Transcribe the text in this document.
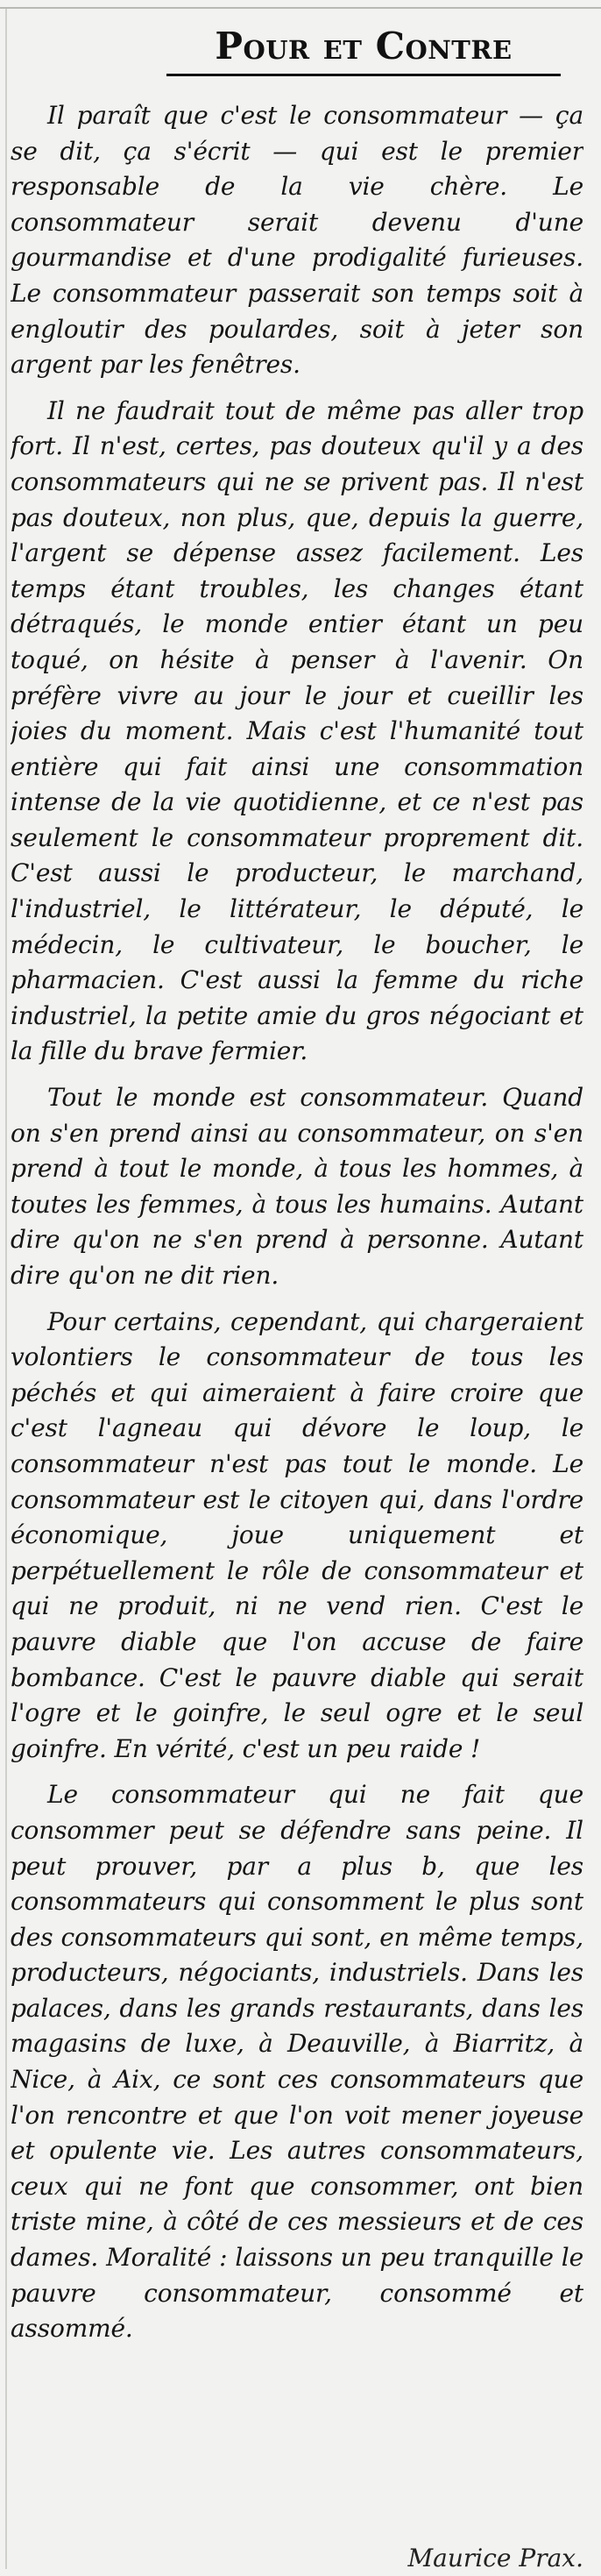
Pour et Contre

Il paraît que c'est le consommateur — ça se dit, ça s'écrit — qui est le premier responsable de la vie chère. Le consommateur serait devenu d'une gourmandise et d'une prodigalité furieuses. Le consommateur passerait son temps soit à engloutir des poulardes, soit à jeter son argent par les fenêtres.

Il ne faudrait tout de même pas aller trop fort. Il n'est, certes, pas douteux qu'il y a des consommateurs qui ne se privent pas. Il n'est pas douteux, non plus, que, depuis la guerre, l'argent se dépense assez facilement. Les temps étant troubles, les changes étant détraqués, le monde entier étant un peu toqué, on hésite à penser à l'avenir. On préfère vivre au jour le jour et cueillir les joies du moment. Mais c'est l'humanité tout entière qui fait ainsi une consommation intense de la vie quotidienne, et ce n'est pas seulement le consommateur proprement dit. C'est aussi le producteur, le marchand, l'industriel, le littérateur, le député, le médecin, le cultivateur, le boucher, le pharmacien. C'est aussi la femme du riche industriel, la petite amie du gros négociant et la fille du brave fermier.

Tout le monde est consommateur. Quand on s'en prend ainsi au consommateur, on s'en prend à tout le monde, à tous les hommes, à toutes les femmes, à tous les humains. Autant dire qu'on ne s'en prend à personne. Autant dire qu'on ne dit rien.

Pour certains, cependant, qui chargeraient volontiers le consommateur de tous les péchés et qui aimeraient à faire croire que c'est l'agneau qui dévore le loup, le consommateur n'est pas tout le monde. Le consommateur est le citoyen qui, dans l'ordre économique, joue uniquement et perpétuellement le rôle de consommateur et qui ne produit, ni ne vend rien. C'est le pauvre diable que l'on accuse de faire bombance. C'est le pauvre diable qui serait l'ogre et le goinfre, le seul ogre et le seul goinfre. En vérité, c'est un peu raide !

Le consommateur qui ne fait que consommer peut se défendre sans peine. Il peut prouver, par a plus b, que les consommateurs qui consomment le plus sont des consommateurs qui sont, en même temps, producteurs, négociants, industriels. Dans les palaces, dans les grands restaurants, dans les magasins de luxe, à Deauville, à Biarritz, à Nice, à Aix, ce sont ces consommateurs que l'on rencontre et que l'on voit mener joyeuse et opulente vie. Les autres consommateurs, ceux qui ne font que consommer, ont bien triste mine, à côté de ces messieurs et de ces dames. Moralité : laissons un peu tranquille le pauvre consommateur, consommé et assommé.

Maurice Prax.
